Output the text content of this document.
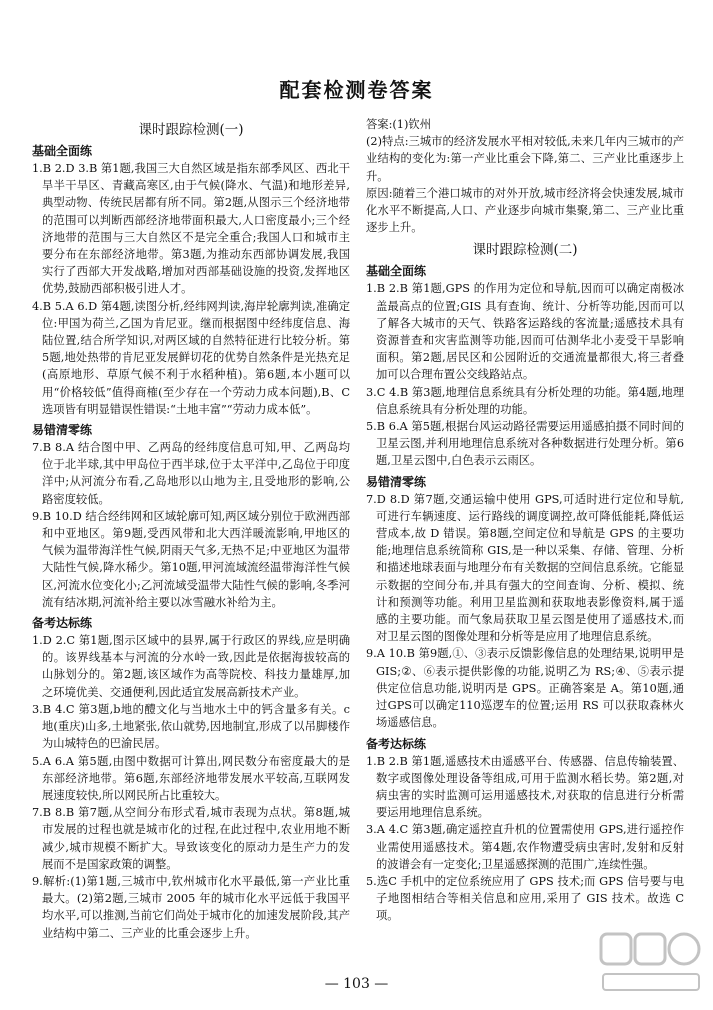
配套检测卷答案
课时跟踪检测(一)
基础全面练

1.B 2.D 3.B 第1题,我国三大自然区域是指东部季风区、西北干旱半干旱区、青藏高寒区,由于气候(降水、气温)和地形差异,典型动物、传统民居都有所不同。第2题,从图示三个经济地带的范围可以判断西部经济地带面积最大,人口密度最小;三个经济地带的范围与三大自然区不是完全重合;我国人口和城市主要分布在东部经济地带。第3题,为推动东西部协调发展,我国实行了西部大开发战略,增加对西部基础设施的投资,发挥地区优势,鼓励西部积极引进人才。

4.B 5.A 6.D 第4题,读图分析,经纬网判读,海岸轮廓判读,准确定位:甲国为荷兰,乙国为肯尼亚。继而根据图中经纬度信息、海陆位置,结合所学知识,对两区域的自然特征进行比较分析。第5题,地处热带的肯尼亚发展鲜切花的优势自然条件是光热充足(高原地形、草原气候不利于水稻种植)。第6题,本小题可以用“价格较低”值得商榷(至少存在一个劳动力成本问题),B、C选项皆有明显错误性错误:“土地丰富”“劳动力成本低”。

易错清零练

7.B 8.A 结合图中甲、乙两岛的经纬度信息可知,甲、乙两岛均位于北半球,其中甲岛位于西半球,位于太平洋中,乙岛位于印度洋中;从河流分布看,乙岛地形以山地为主,且受地形的影响,公路密度较低。

9.B 10.D 结合经纬网和区域轮廓可知,两区域分别位于欧洲西部和中亚地区。第9题,受西风带和北大西洋暖流影响,甲地区的气候为温带海洋性气候,阴雨天气多,无热不足;中亚地区为温带大陆性气候,降水稀少。第10题,甲河流域流经温带海洋性气候区,河流水位变化小;乙河流域受温带大陆性气候的影响,冬季河流有结冰期,河流补给主要以冰雪融水补给为主。

备考达标练

1.D 2.C 第1题,图示区域中的县界,属于行政区的界线,应是明确的。该界线基本与河流的分水岭一致,因此是依据海拔较高的山脉划分的。第2题,该区域作为高等院校、科技力量雄厚,加之环境优美、交通便利,因此适宜发展高新技术产业。

3.B 4.C 第3题,b地的醴文化与当地水土中的钙含量多有关。c地(重庆)山多,土地紧张,依山就势,因地制宜,形成了以吊脚楼作为山城特色的巴渝民居。

5.A 6.A 第5题,由图中数据可计算出,网民数分布密度最大的是东部经济地带。第6题,东部经济地带发展水平较高,互联网发展速度较快,所以网民所占比重较大。

7.B 8.B 第7题,从空间分布形式看,城市表现为点状。第8题,城市发展的过程也就是城市化的过程,在此过程中,农业用地不断减少,城市规模不断扩大。导致该变化的原动力是生产力的发展而不是国家政策的调整。

9.解析:(1)第1题,三城市中,钦州城市化水平最低,第一产业比重最大。(2)第2题,三城市 2005 年的城市化水平远低于我国平均水平,可以推测,当前它们尚处于城市化的加速发展阶段,其产业结构中第二、三产业的比重会逐步上升。

答案:(1)钦州

(2)特点:三城市的经济发展水平相对较低,未来几年内三城市的产业结构的变化为:第一产业比重会下降,第二、三产业比重逐步上升。

原因:随着三个港口城市的对外开放,城市经济将会快速发展,城市化水平不断提高,人口、产业逐步向城市集聚,第二、三产业比重逐步上升。

课时跟踪检测(二)
基础全面练

1.B 2.B 第1题,GPS 的作用为定位和导航,因而可以确定南极冰盖最高点的位置;GIS 具有查询、统计、分析等功能,因而可以了解各大城市的天气、铁路客运路线的客流量;遥感技术具有资源普查和灾害监测等功能,因而可估测华北小麦受干旱影响面积。第2题,居民区和公园附近的交通流量都很大,将三者叠加可以合理布置公交线路站点。

3.C 4.B 第3题,地理信息系统具有分析处理的功能。第4题,地理信息系统具有分析处理的功能。

5.B 6.A 第5题,根据台风运动路径需要运用遥感拍摄不同时间的卫星云图,并利用地理信息系统对各种数据进行处理分析。第6题,卫星云图中,白色表示云雨区。

易错清零练

7.D 8.D 第7题,交通运输中使用 GPS,可适时进行定位和导航,可进行车辆速度、运行路线的调度调控,故可降低能耗,降低运营成本,故 D 错误。第8题,空间定位和导航是 GPS 的主要功能;地理信息系统简称 GIS,是一种以采集、存储、管理、分析和描述地球表面与地理分布有关数据的空间信息系统。它能显示数据的空间分布,并具有强大的空间查询、分析、模拟、统计和预测等功能。利用卫星监测和获取地表影像资料,属于遥感的主要功能。而气象局获取卫星云图是使用了遥感技术,而对卫星云图的图像处理和分析等是应用了地理信息系统。

9.A 10.B 第9题,①、③表示反馈影像信息的处理结果,说明甲是 GIS;②、⑥表示提供影像的功能,说明乙为 RS;④、⑤表示提供定位信息功能,说明丙是 GPS。正确答案是 A。第10题,通过GPS可以确定110巡逻车的位置;运用 RS 可以获取森林火场遥感信息。

备考达标练

1.B 2.B 第1题,遥感技术由遥感平台、传感器、信息传输装置、数字或图像处理设备等组成,可用于监测水稻长势。第2题,对病虫害的实时监测可运用遥感技术,对获取的信息进行分析需要运用地理信息系统。

3.A 4.C 第3题,确定遥控直升机的位置需使用 GPS,进行遥控作业需使用遥感技术。第4题,农作物遭受病虫害时,发射和反射的波谱会有一定变化;卫星遥感探测的范围广,连续性强。

5.选C 手机中的定位系统应用了 GPS 技术;而 GPS 信号要与电子地图相结合等相关信息和应用,采用了 GIS 技术。故选 C 项。

— 103 —
